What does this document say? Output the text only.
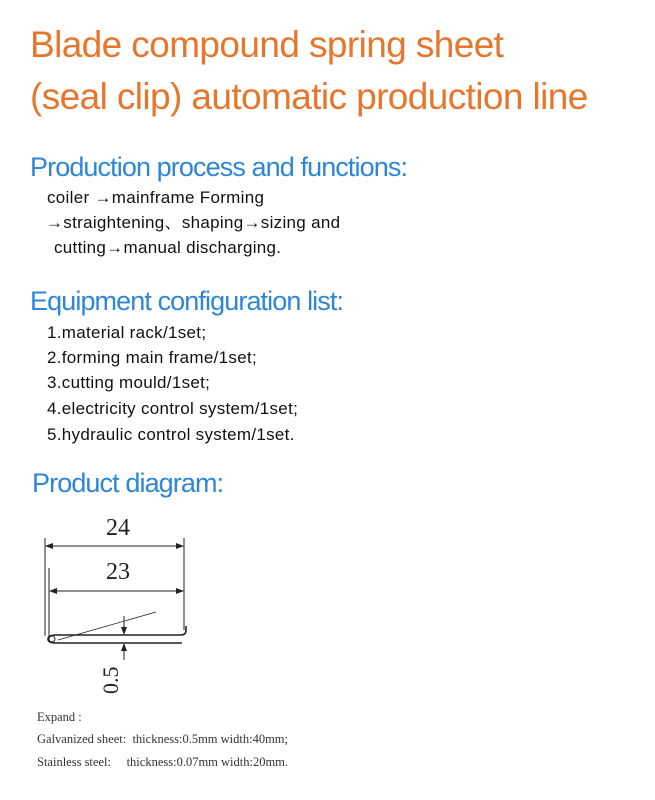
Blade compound spring sheet
(seal clip) automatic production line
Production process and functions:
coiler →mainframe Forming
→straightening、shaping→sizing and
cutting→manual discharging.
Equipment configuration list:
1.material rack/1set;
2.forming main frame/1set;
3.cutting mould/1set;
4.electricity control system/1set;
5.hydraulic control system/1set.
Product diagram:
24
23
0.5
Expand :
Galvanized sheet: thickness:0.5mm width:40mm;
Stainless steel: thickness:0.07mm width:20mm.
